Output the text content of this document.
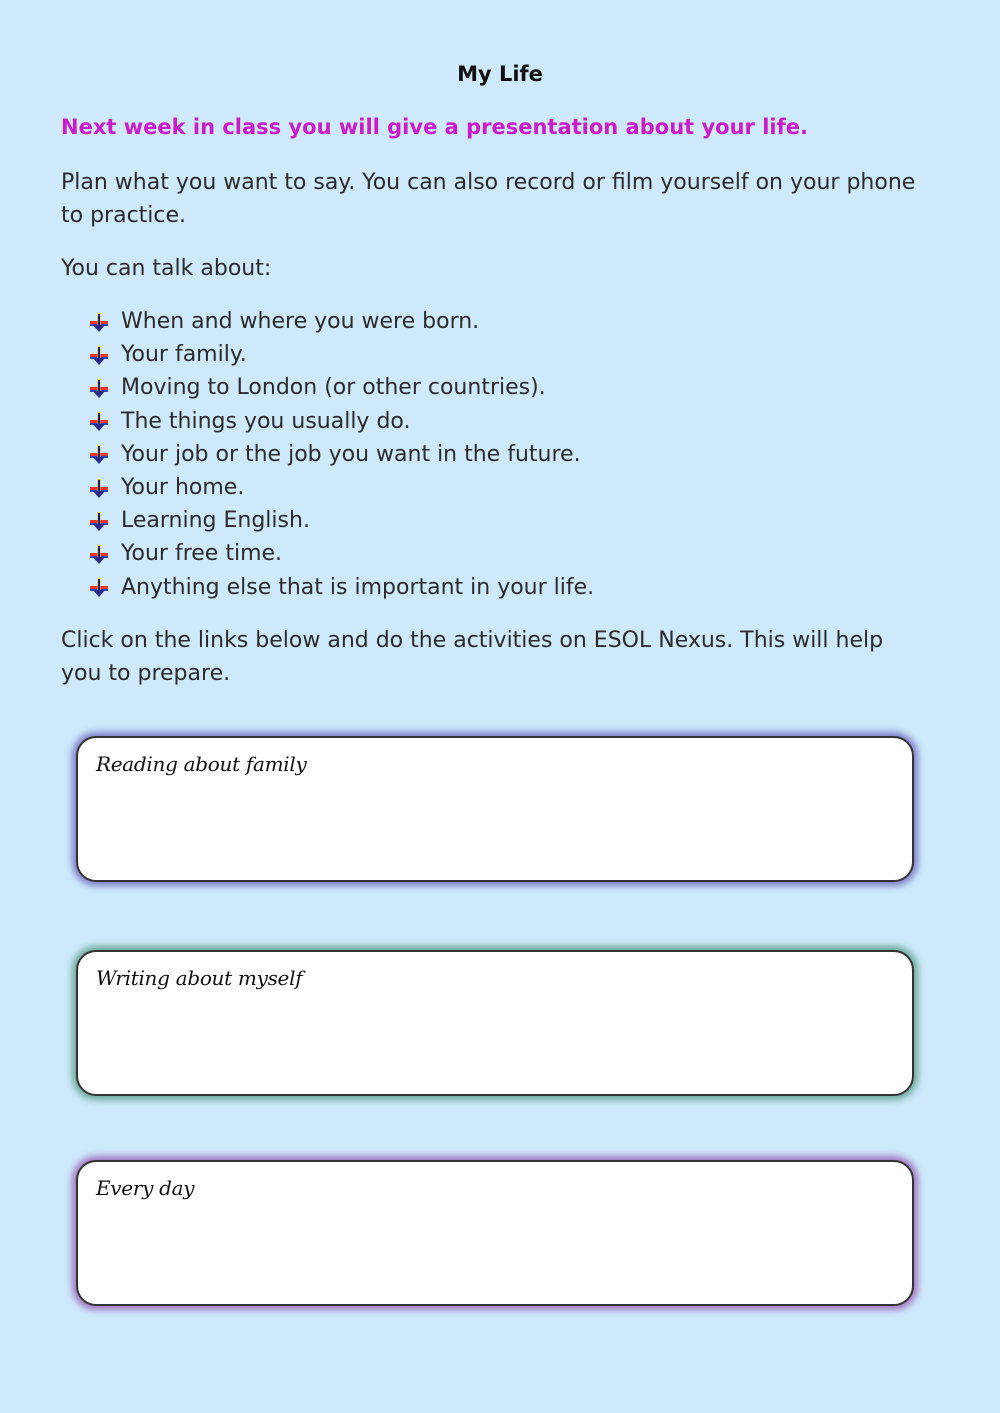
My Life
Next week in class you will give a presentation about your life.

Plan what you want to say. You can also record or film yourself on your phone to practice.

You can talk about:

When and where you were born.
Your family.
Moving to London (or other countries).
The things you usually do.
Your job or the job you want in the future.
Your home.
Learning English.
Your free time.
Anything else that is important in your life.

Click on the links below and do the activities on ESOL Nexus. This will help you to prepare.

Reading about family
Writing about myself
Every day
